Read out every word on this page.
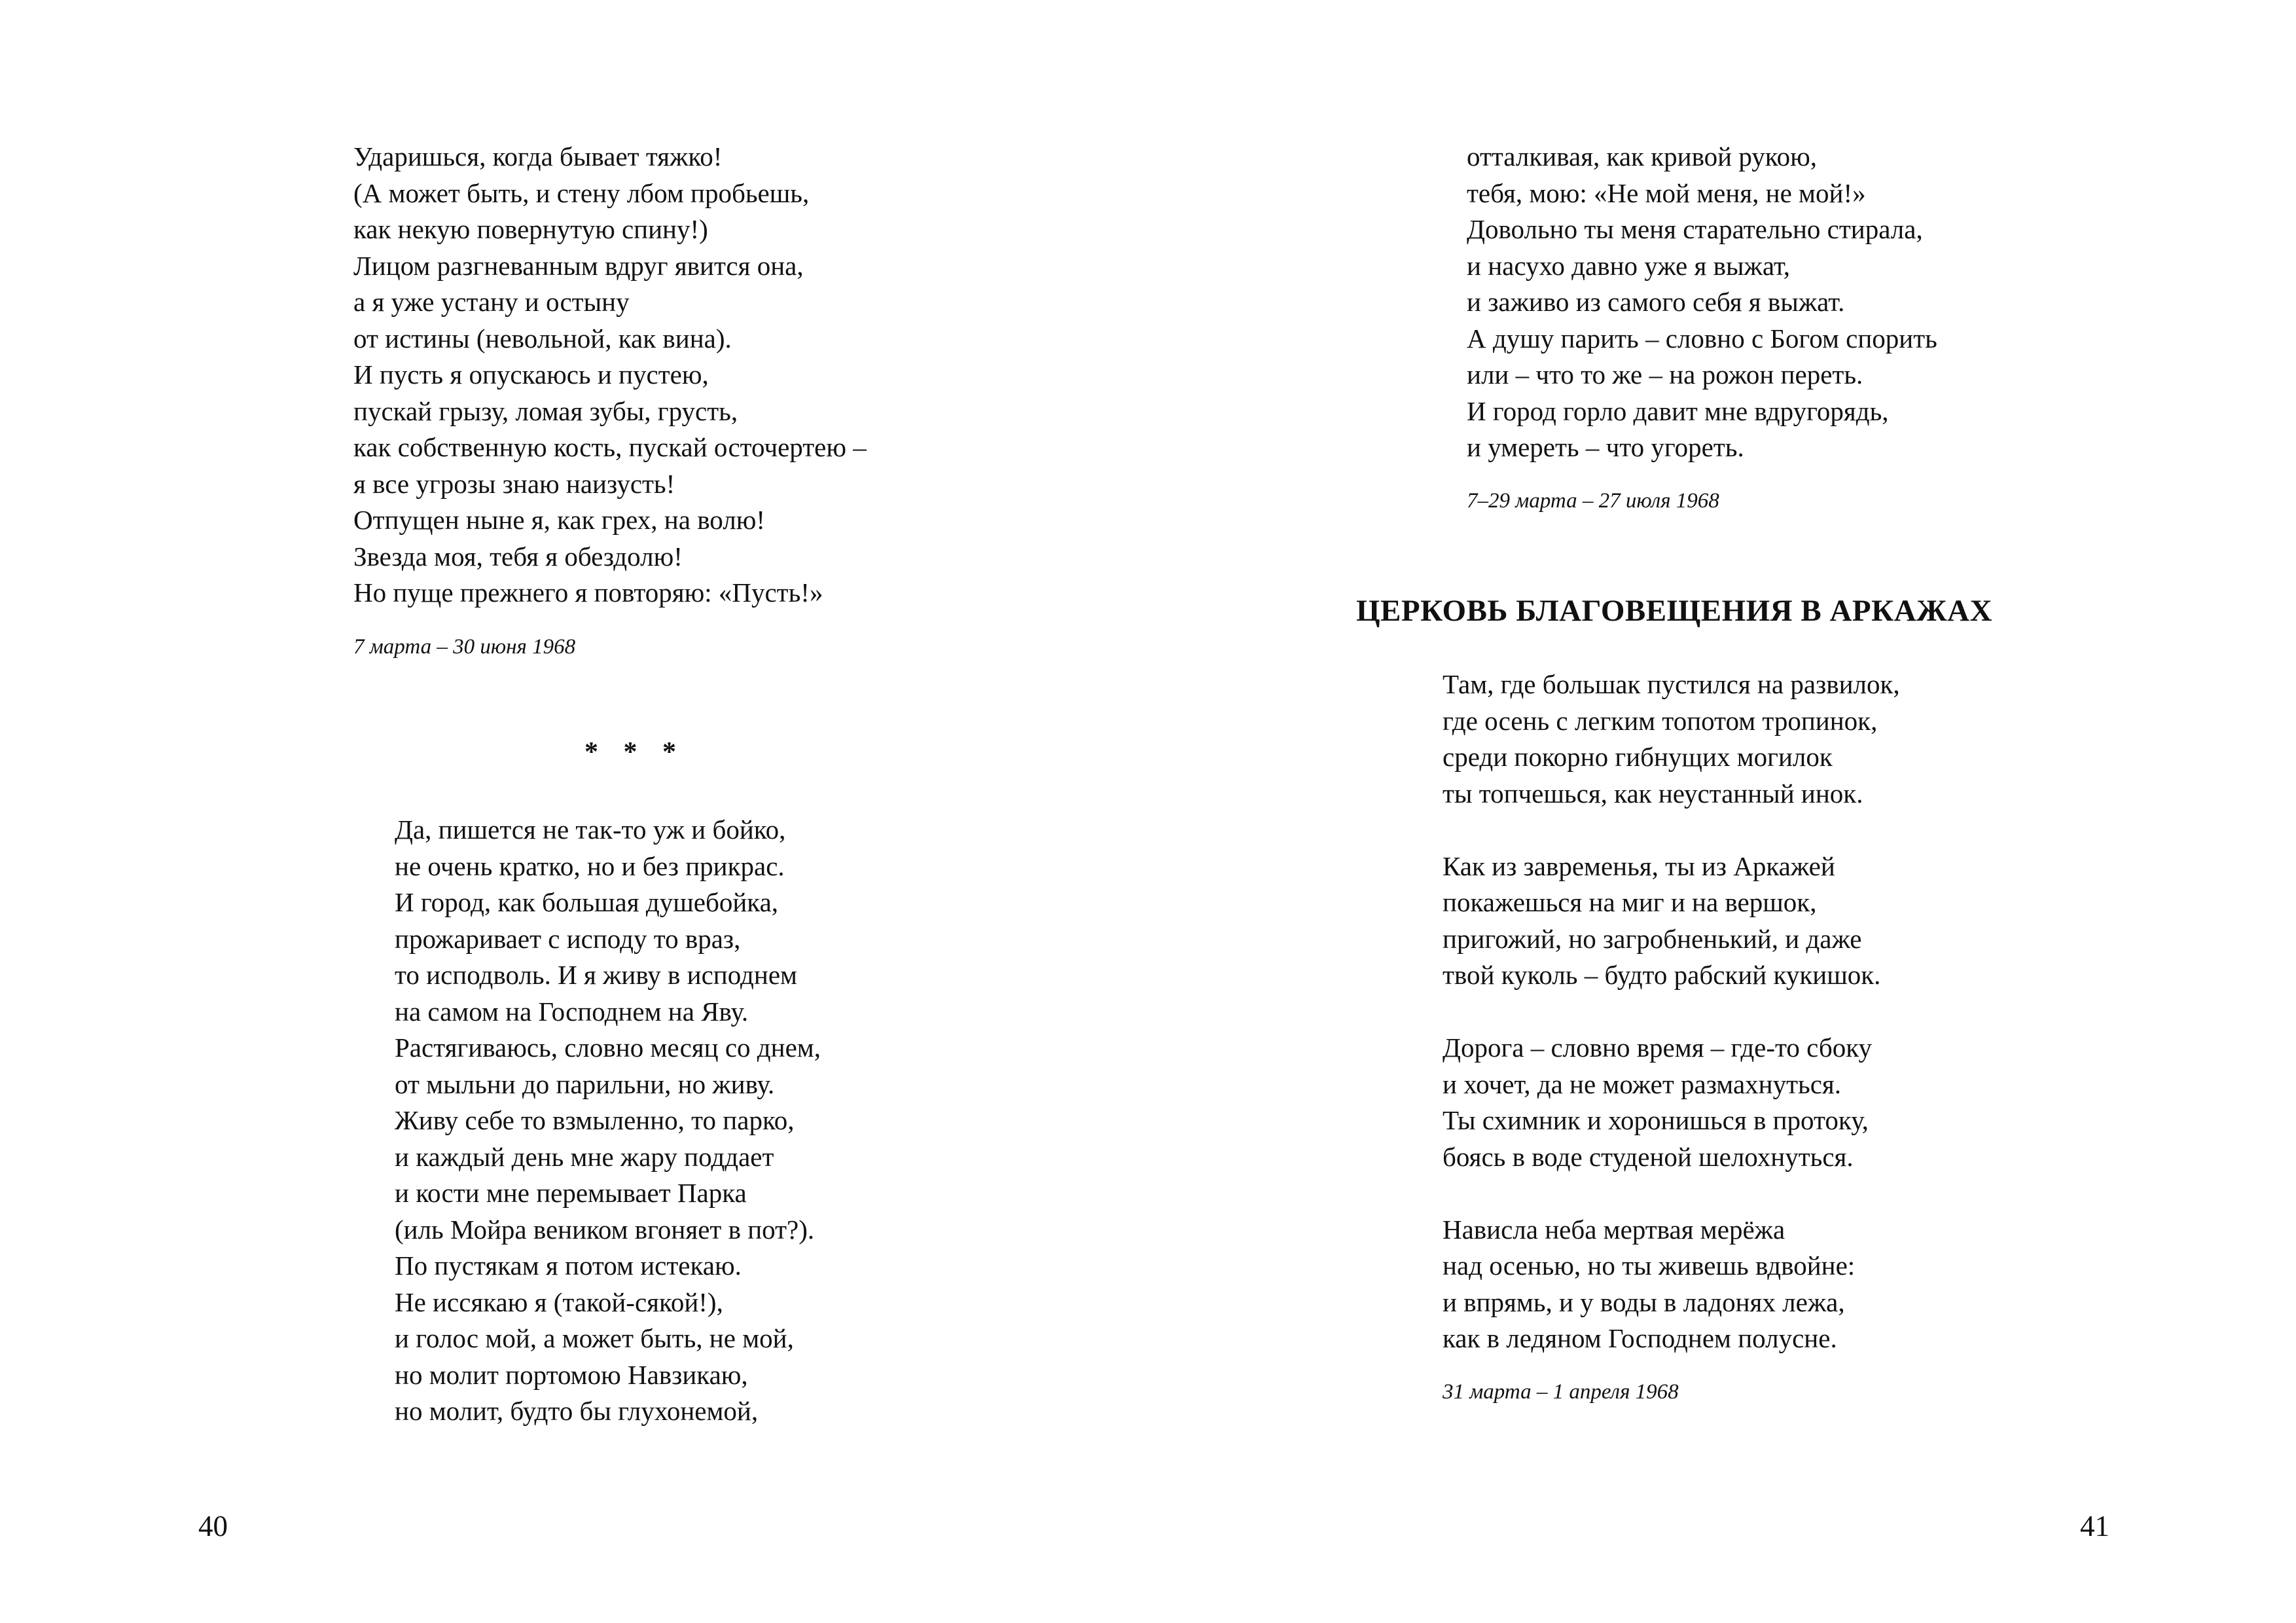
Ударишься, когда бывает тяжко!
(А может быть, и стену лбом пробьешь,
как некую повернутую спину!)
Лицом разгневанным вдруг явится она,
а я уже устану и остыну
от истины (невольной, как вина).
И пусть я опускаюсь и пустею,
пускай грызу, ломая зубы, грусть,
как собственную кость, пускай осточертею –
я все угрозы знаю наизусть!
Отпущен ныне я, как грех, на волю!
Звезда моя, тебя я обездолю!
Но пуще прежнего я повторяю: «Пусть!»
7 марта – 30 июня 1968
* * *
Да, пишется не так-то уж и бойко,
не очень кратко, но и без прикрас.
И город, как большая душебойка,
прожаривает с исподу то враз,
то исподволь. И я живу в исподнем
на самом на Господнем на Яву.
Растягиваюсь, словно месяц со днем,
от мыльни до парильни, но живу.
Живу себе то взмыленно, то парко,
и каждый день мне жару поддает
и кости мне перемывает Парка
(иль Мойра веником вгоняет в пот?).
По пустякам я потом истекаю.
Не иссякаю я (такой-сякой!),
и голос мой, а может быть, не мой,
но молит портомою Навзикаю,
но молит, будто бы глухонемой,
40
отталкивая, как кривой рукою,
тебя, мою: «Не мой меня, не мой!»
Довольно ты меня старательно стирала,
и насухо давно уже я выжат,
и заживо из самого себя я выжат.
А душу парить – словно с Богом спорить
или – что то же – на рожон переть.
И город горло давит мне вдругорядь,
и умереть – что угореть.
7–29 марта – 27 июля 1968
ЦЕРКОВЬ БЛАГОВЕЩЕНИЯ В АРКАЖАХ
Там, где большак пустился на развилок,
где осень с легким топотом тропинок,
среди покорно гибнущих могилок
ты топчешься, как неустанный инок.
Как из завременья, ты из Аркажей
покажешься на миг и на вершок,
пригожий, но загробненький, и даже
твой куколь – будто рабский кукишок.
Дорога – словно время – где-то сбоку
и хочет, да не может размахнуться.
Ты схимник и хоронишься в протоку,
боясь в воде студеной шелохнуться.
Нависла неба мертвая мерёжа
над осенью, но ты живешь вдвойне:
и впрямь, и у воды в ладонях лежа,
как в ледяном Господнем полусне.
31 марта – 1 апреля 1968
41
